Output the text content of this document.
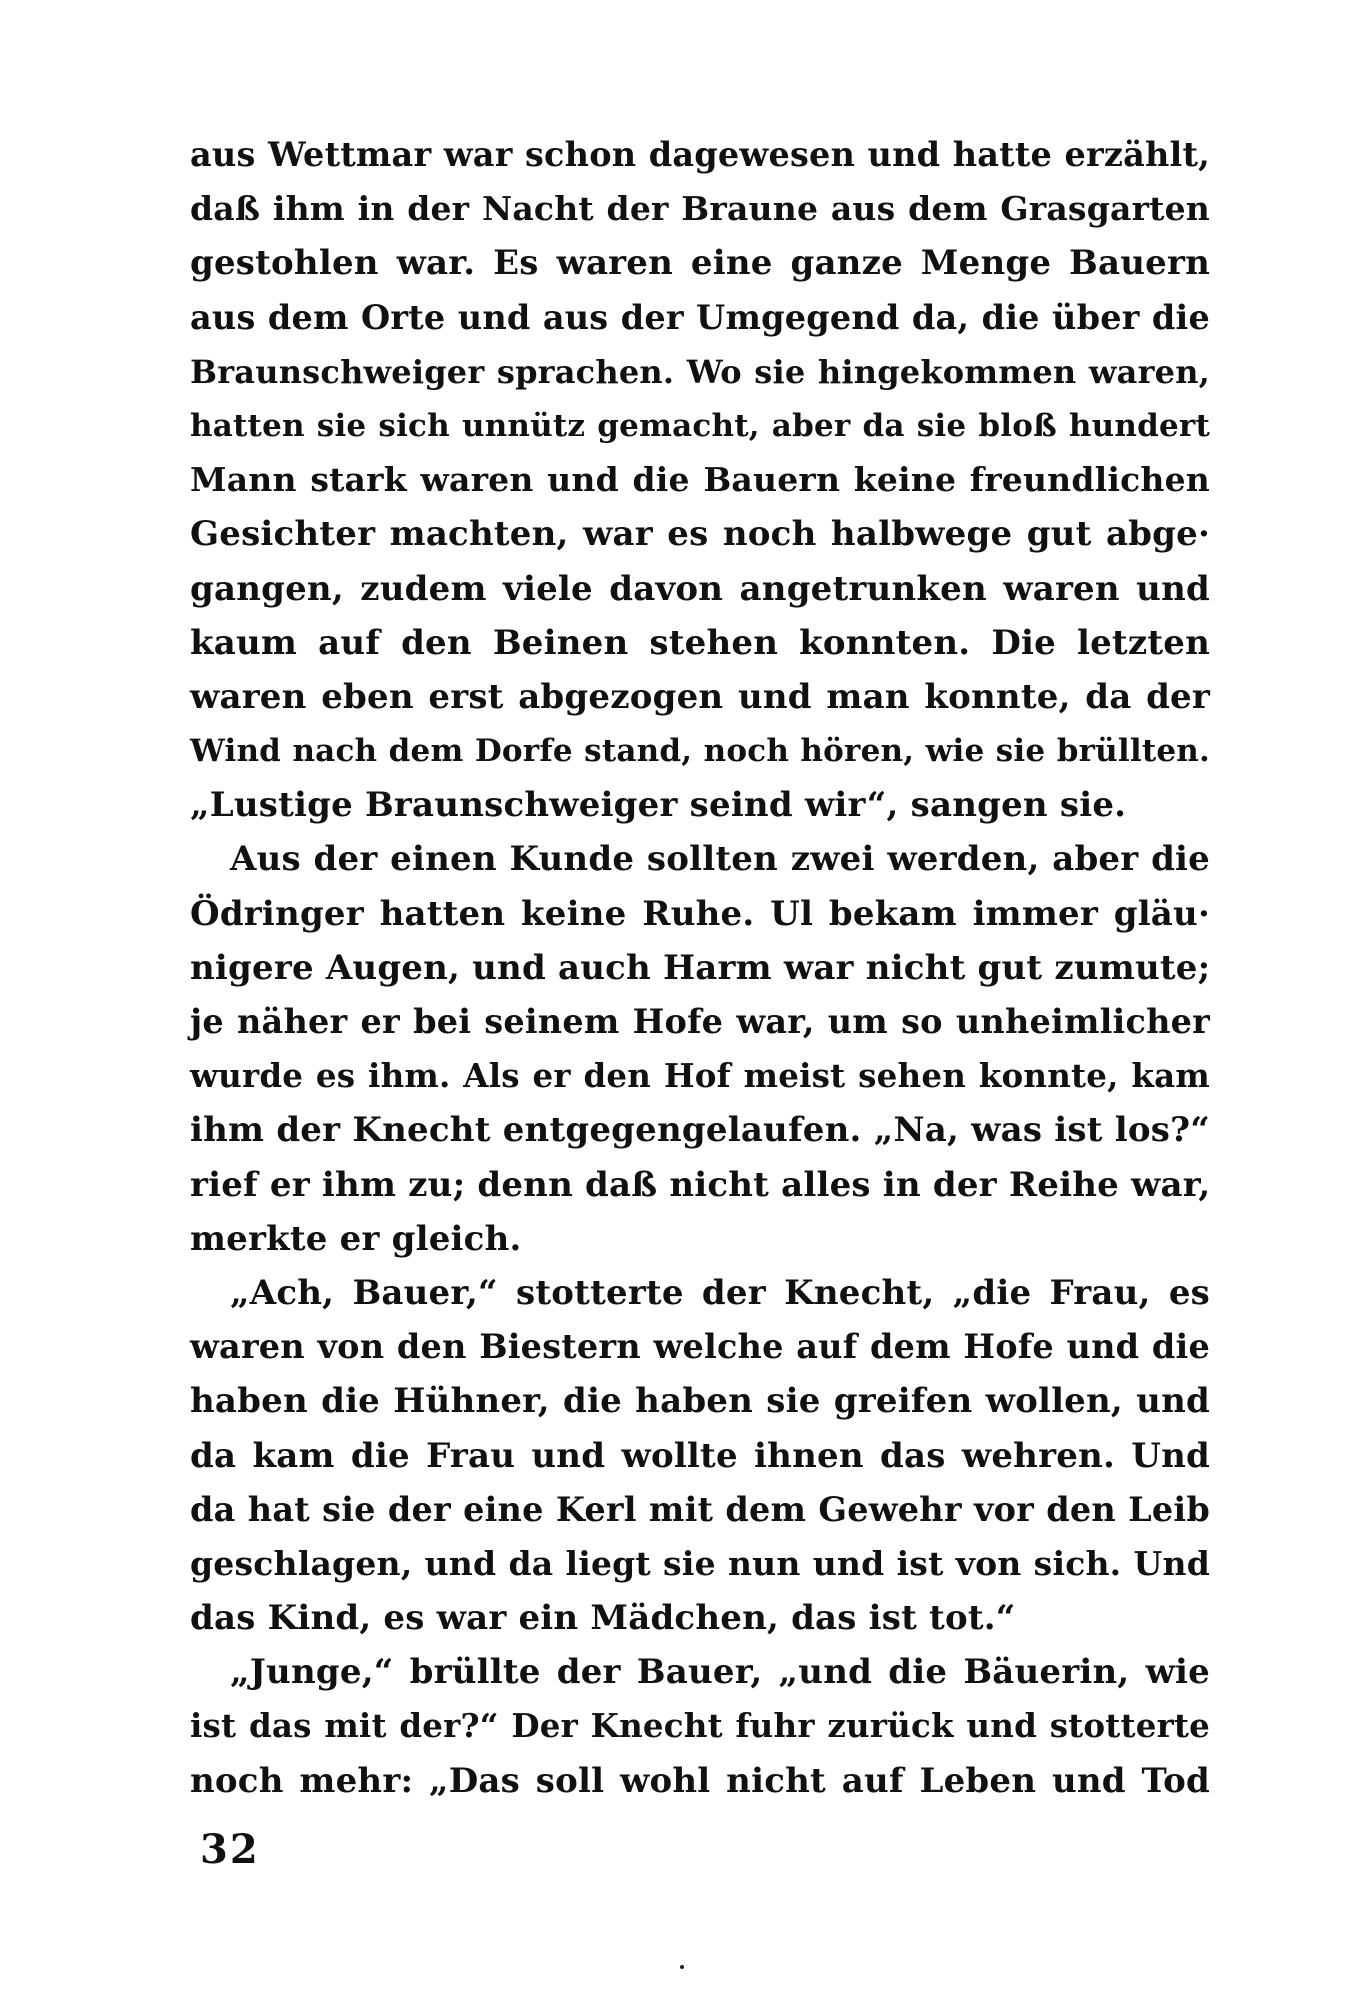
aus Wettmar war schon dagewesen und hatte erzählt,
daß ihm in der Nacht der Braune aus dem Grasgarten
gestohlen war. Es waren eine ganze Menge Bauern
aus dem Orte und aus der Umgegend da, die über die
Braunschweiger sprachen. Wo sie hingekommen waren,
hatten sie sich unnütz gemacht, aber da sie bloß hundert
Mann stark waren und die Bauern keine freundlichen
Gesichter machten, war es noch halbwege gut abge·
gangen, zudem viele davon angetrunken waren und
kaum auf den Beinen stehen konnten. Die letzten
waren eben erst abgezogen und man konnte, da der
Wind nach dem Dorfe stand, noch hören, wie sie brüllten.
„Lustige Braunschweiger seind wir“, sangen sie.
Aus der einen Kunde sollten zwei werden, aber die
Ödringer hatten keine Ruhe. Ul bekam immer gläu·
nigere Augen, und auch Harm war nicht gut zumute;
je näher er bei seinem Hofe war, um so unheimlicher
wurde es ihm. Als er den Hof meist sehen konnte, kam
ihm der Knecht entgegengelaufen. „Na, was ist los?“
rief er ihm zu; denn daß nicht alles in der Reihe war,
merkte er gleich.
„Ach, Bauer,“ stotterte der Knecht, „die Frau, es
waren von den Biestern welche auf dem Hofe und die
haben die Hühner, die haben sie greifen wollen, und
da kam die Frau und wollte ihnen das wehren. Und
da hat sie der eine Kerl mit dem Gewehr vor den Leib
geschlagen, und da liegt sie nun und ist von sich. Und
das Kind, es war ein Mädchen, das ist tot.“
„Junge,“ brüllte der Bauer, „und die Bäuerin, wie
ist das mit der?“ Der Knecht fuhr zurück und stotterte
noch mehr: „Das soll wohl nicht auf Leben und Tod
32
